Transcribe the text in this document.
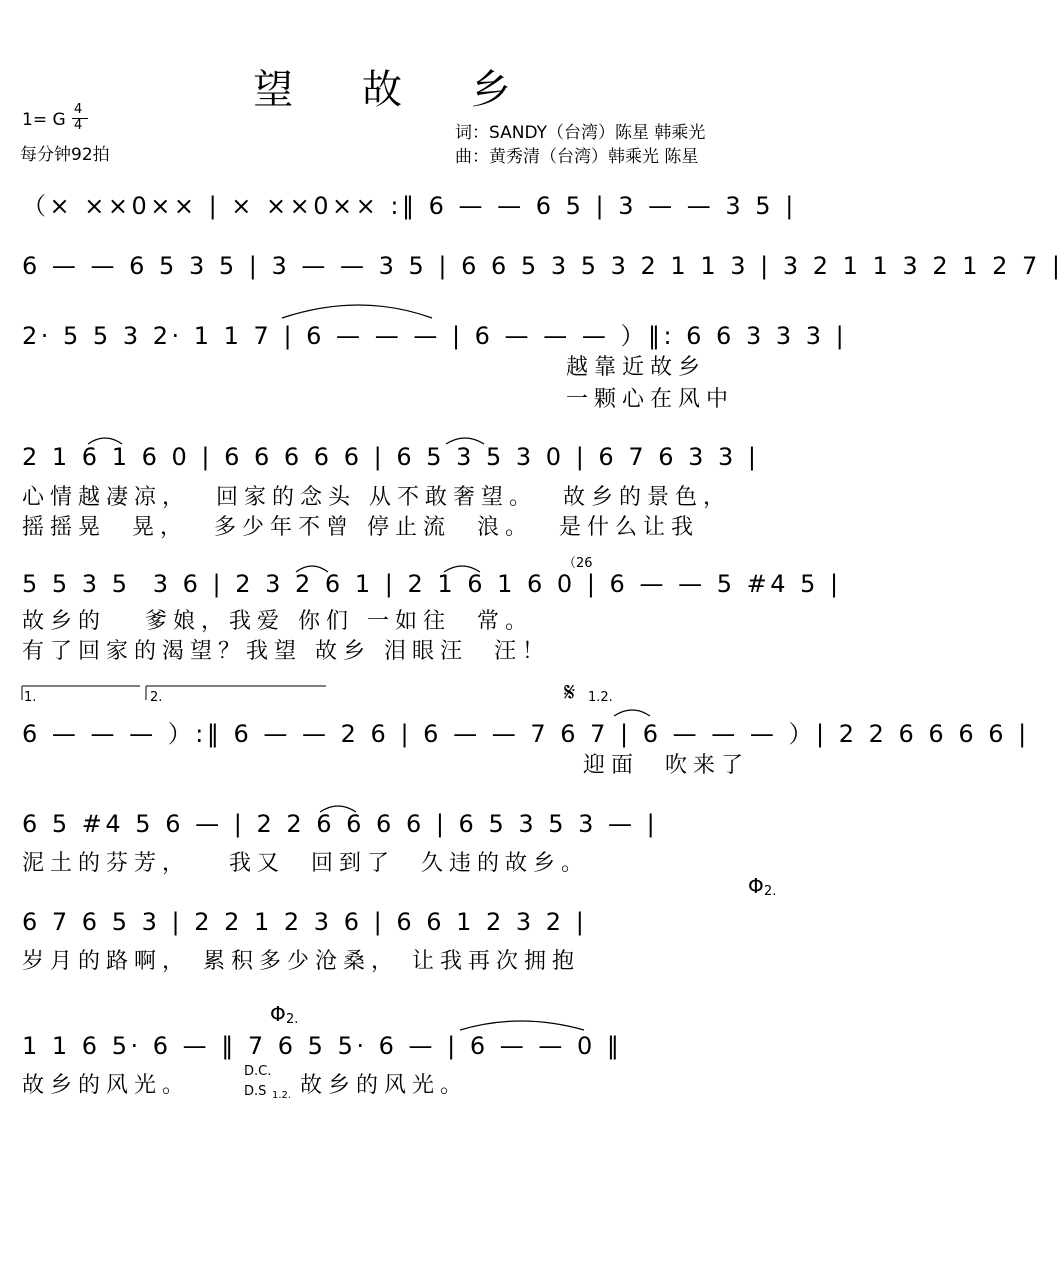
望 故 乡
1= G
4
4
每分钟92拍
词：SANDY（台湾）陈星 韩乘光
曲：黄秀清（台湾）韩乘光 陈星
（× ××0×× | × ××0×× :‖ 6 — — 6 5 | 3 — — 3 5 |
6 — — 6 5 3 5 | 3 — — 3 5 | 6 6 5 3 5 3 2 1 1 3 | 3 2 1 1 3 2 1 2 7 |
2· 5 5 3 2· 1 1 7 | 6 — — — | 6 — — — ）‖: 6 6 3 3 3 |
越靠近故乡
一颗心在风中
2 1 6 1 6 0 | 6 6 6 6 6 | 6 5 3 5 3 0 | 6 7 6 3 3 |
心情越凄凉，  回家的念头 从不敢奢望。  故乡的景色，
摇摇晃  晃，  多少年不曾 停止流  浪。  是什么让我
（26
5 5 3 5  3 6 | 2 3 2 6 1 | 2 1 6 1 6 0 | 6 — — 5 #4 5 |
故乡的   爹娘，我爱 你们 一如往  常。
有了回家的渴望？我望 故乡 泪眼汪  汪！
1.	2.	𝄋 1.2.
6 — — — ）:‖ 6 — — 2 6 | 6 — — 7 6 7 | 6 — — — ）| 2 2 6 6 6 6 |
迎面  吹来了
6 5 #4 5 6 — | 2 2 6 6 6 6 | 6 5 3 5 3 — |
泥土的芬芳，   我又  回到了  久违的故乡。
Φ 2.
6 7 6 5 3 | 2 2 1 2 3 6 | 6 6 1 2 3 2 |
岁月的路啊， 累积多少沧桑， 让我再次拥抱
Φ 2.
1 1 6 5· 6 — ‖ 7 6 5 5· 6 — | 6 — — 0 ‖
故乡的风光。
D.C.
D.S 1.2. 故乡的风光。
